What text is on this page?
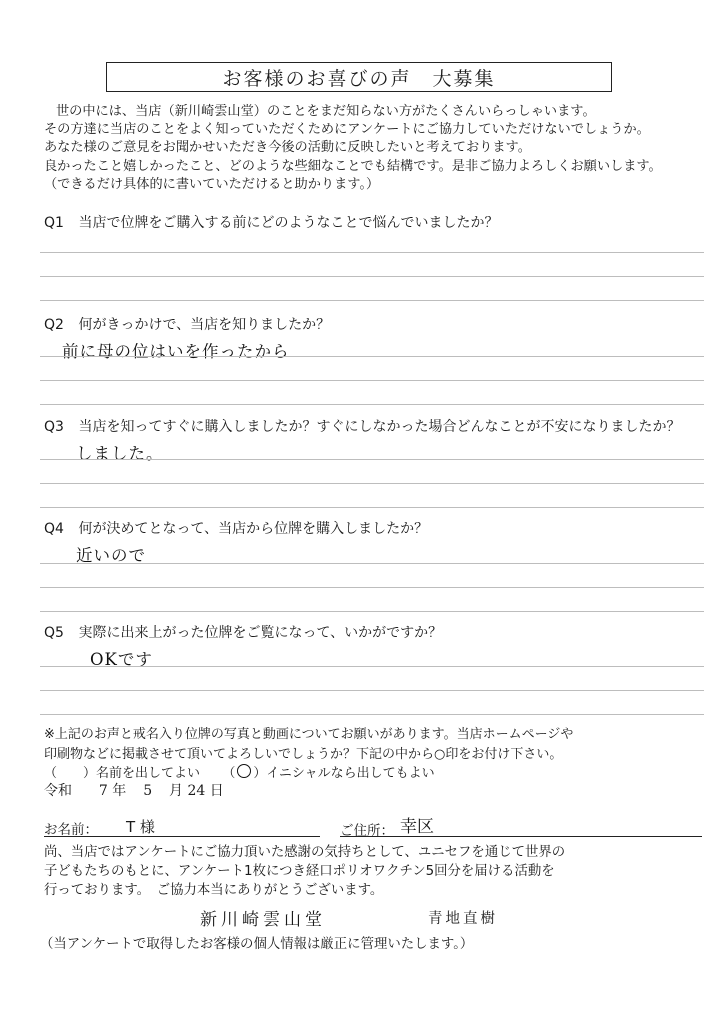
お客様のお喜びの声　大募集
世の中には、当店（新川崎雲山堂）のことをまだ知らない方がたくさんいらっしゃいます。
その方達に当店のことをよく知っていただくためにアンケートにご協力していただけないでしょうか。
あなた様のご意見をお聞かせいただき今後の活動に反映したいと考えております。
良かったこと嬉しかったこと、どのような些細なことでも結構です。是非ご協力よろしくお願いします。
（できるだけ具体的に書いていただけると助かります。）
Q1 当店で位牌をご購入する前にどのようなことで悩んでいましたか？
Q2 何がきっかけで、当店を知りましたか？
前に母の位はいを作ったから
Q3 当店を知ってすぐに購入しましたか？すぐにしなかった場合どんなことが不安になりましたか？
しました。
Q4 何が決めてとなって、当店から位牌を購入しましたか？
近いので
Q5 実際に出来上がった位牌をご覧になって、いかがですか？
OKです
※上記のお声と戒名入り位牌の写真と動画についてお願いがあります。当店ホームページや
印刷物などに掲載させて頂いてよろしいでしょうか？下記の中から○印をお付け下さい。
（ ）名前を出してよい （ ○ ）イニシャルなら出してもよい
令和 7 年 5 月 24 日
お名前： T 様	ご住所： 幸区
尚、当店ではアンケートにご協力頂いた感謝の気持ちとして、ユニセフを通じて世界の
子どもたちのもとに、アンケート1枚につき経口ポリオワクチン5回分を届ける活動を
行っております。　ご協力本当にありがとうございます。
新川崎雲山堂	青地直樹
（当アンケートで取得したお客様の個人情報は厳正に管理いたします。）
